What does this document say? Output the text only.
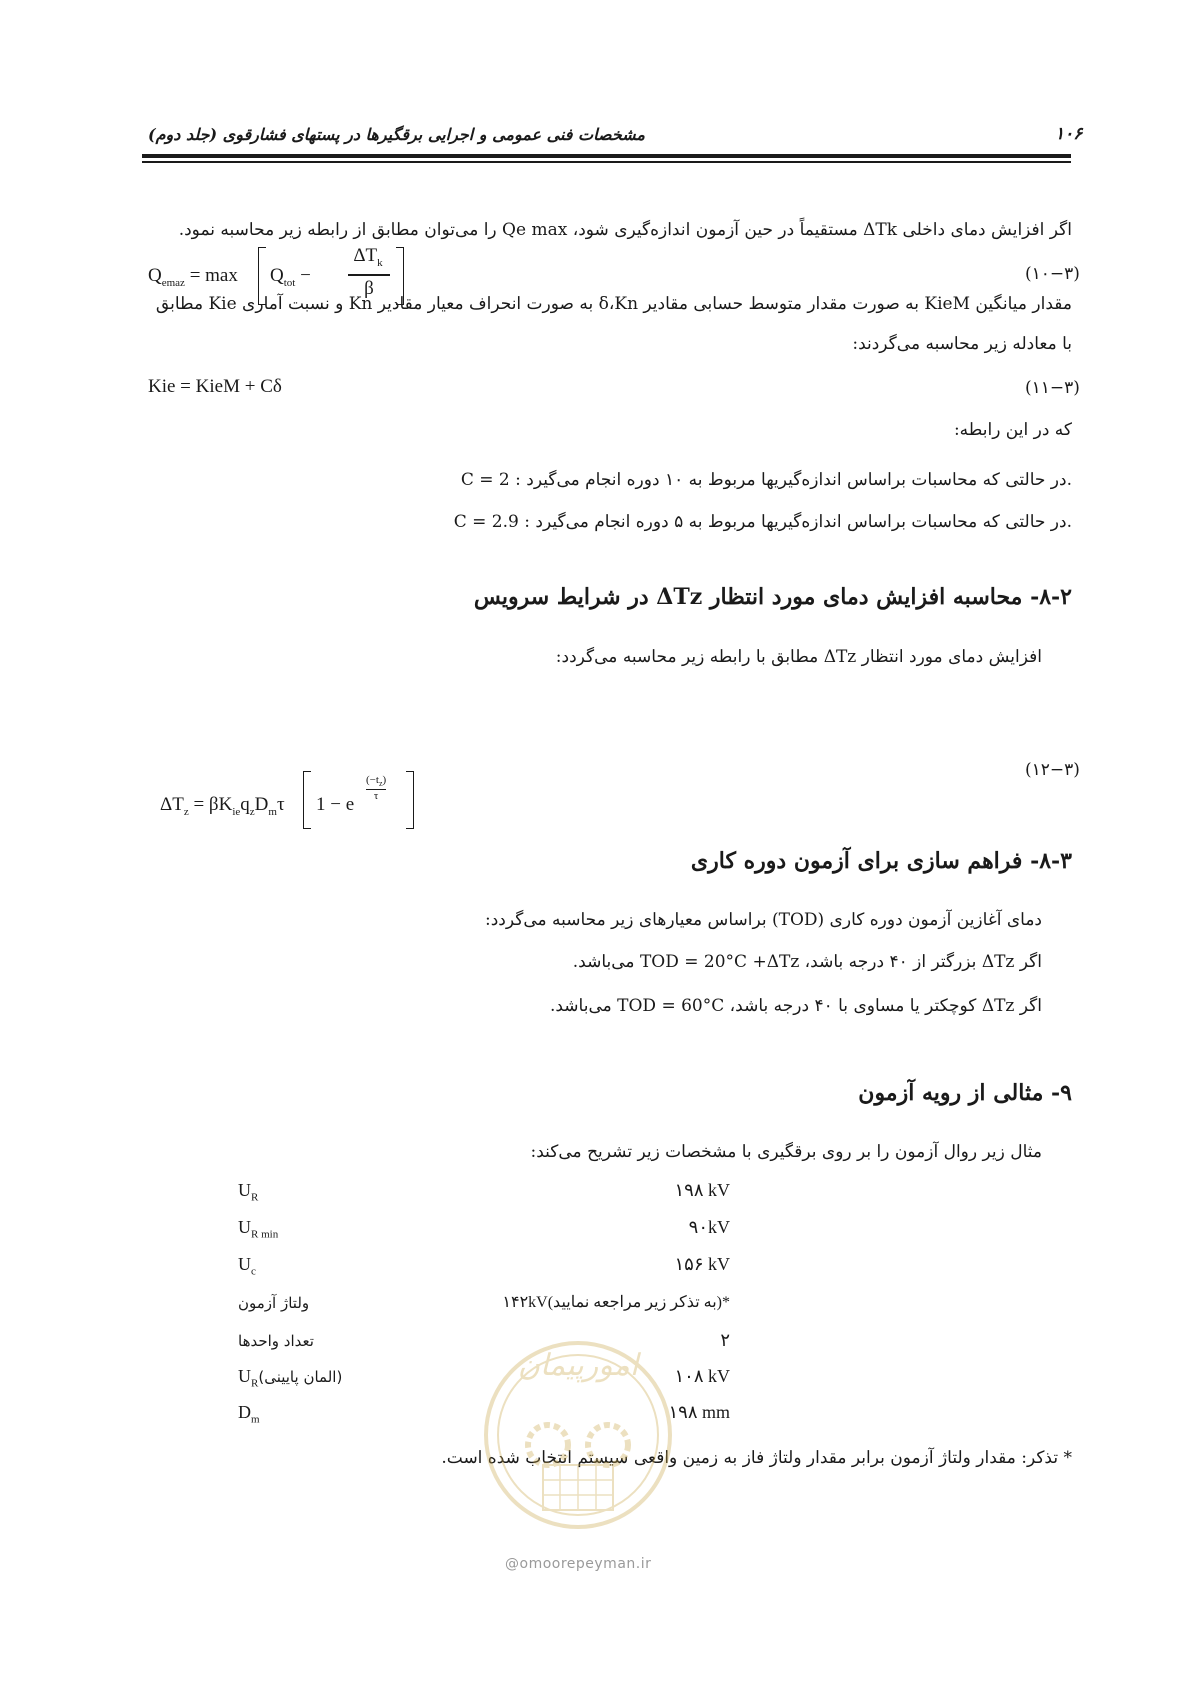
۱۰۶
مشخصات فنی عمومی و اجرایی برقگیرها در پستهای فشارقوی (جلد دوم)
اگر افزایش دمای داخلی ΔTk مستقیماً در حین آزمون اندازه‌گیری شود، Qe max را می‌توان مطابق از رابطه زیر محاسبه نمود.
(۱۰−۳)
$Q_{emaz} = \max Q_{tot}$ −
$\Delta T_k$
β
مقدار میانگین KieM به صورت مقدار متوسط حسابی مقادیر δ،Kn به صورت انحراف معیار مقادیر Kn و نسبت آماری Kie مطابق
با معادله زیر محاسبه می‌گردند:
(۱۱−۳)
Kie = KieM + Cδ
که در این رابطه:
C = 2 : در حالتی که محاسبات براساس اندازه‌گیریها مربوط به ۱۰ دوره انجام می‌گیرد.
C = 2.9 : در حالتی که محاسبات براساس اندازه‌گیریها مربوط به ۵ دوره انجام می‌گیرد.
۸-۲- محاسبه افزایش دمای مورد انتظار ΔTz در شرایط سرویس
افزایش دمای مورد انتظار ΔTz مطابق با رابطه زیر محاسبه می‌گردد:
(۱۲−۳)
$\Delta T_z = \beta K_{ie}q_zD_m\tau$ 1 − e
$(-t_z)$
τ
۸-۳- فراهم سازی برای آزمون دوره کاری
دمای آغازین آزمون دوره کاری (TOD) براساس معیارهای زیر محاسبه می‌گردد:
اگر ΔTz بزرگتر از ۴۰ درجه باشد، TOD = 20°C +ΔTz می‌باشد.
اگر ΔTz کوچکتر یا مساوی با ۴۰ درجه باشد، TOD = 60°C می‌باشد.
۹- مثالی از رویه آزمون
مثال زیر روال آزمون را بر روی برقگیری با مشخصات زیر تشریح می‌کند:
$U_R$	۱۹۸ kV
$U_{R min}$	۹۰kV
$U_c$	۱۵۶ kV
ولتاژ آزمون	*(به تذکر زیر مراجعه نمایید)۱۴۲kV
تعداد واحدها	۲
$U_R(المان$ پایینی)	۱۰۸ kV
$D_m$	۱۹۸ mm
* تذکر: مقدار ولتاژ آزمون برابر مقدار ولتاژ فاز به زمین واقعی سیستم انتخاب شده است.
امورپیمان
@omoorepeyman.ir
